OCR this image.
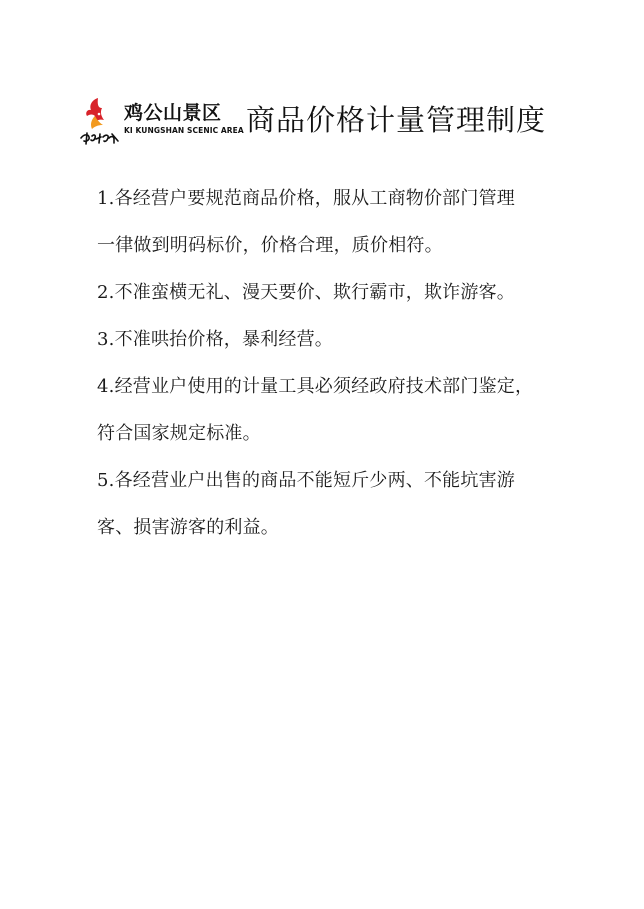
鸡公山景区
KI KUNGSHAN SCENIC AREA 商品价格计量管理制度
1.各经营户要规范商品价格，服从工商物价部门管理
一律做到明码标价，价格合理，质价相符。
2.不准蛮横无礼、漫天要价、欺行霸市，欺诈游客。
3.不准哄抬价格，暴利经营。
4.经营业户使用的计量工具必须经政府技术部门鉴定，
符合国家规定标准。
5.各经营业户出售的商品不能短斤少两、不能坑害游
客、损害游客的利益。
